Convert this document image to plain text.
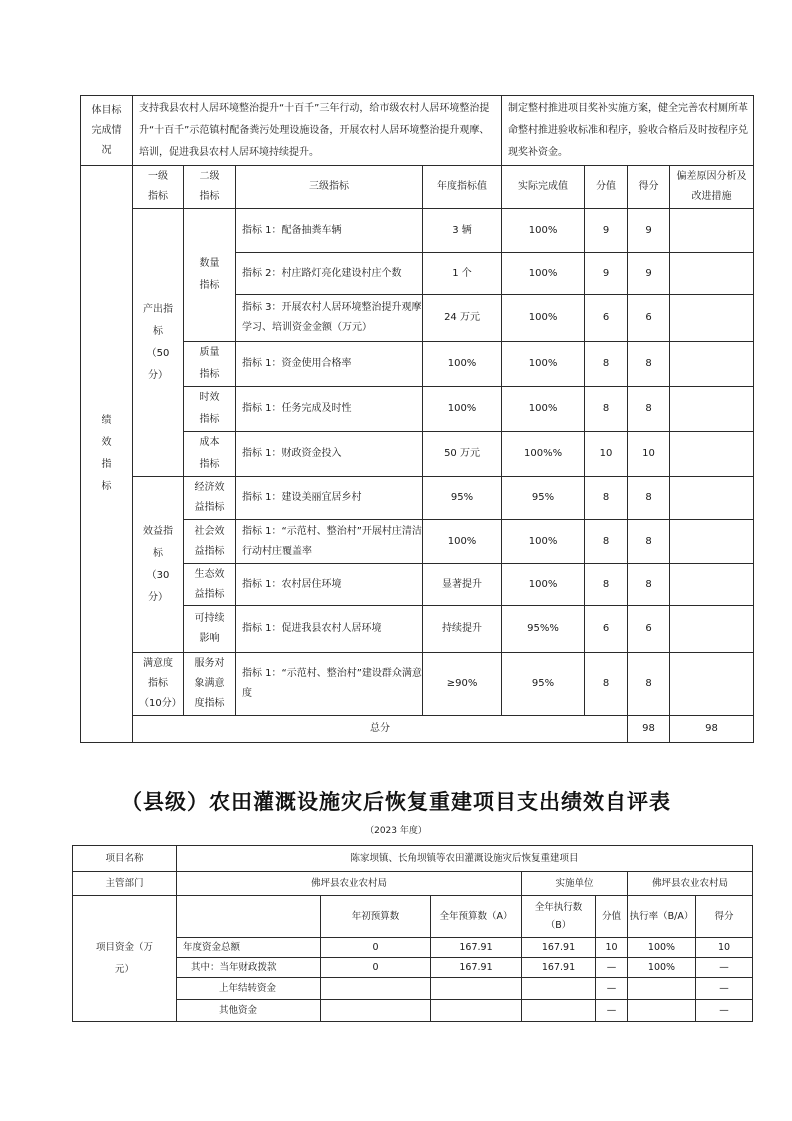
体目标完成情况	支持我县农村人居环境整治提升“十百千”三年行动，给市级农村人居环境整治提升“十百千”示范镇村配备粪污处理设施设备，开展农村人居环境整治提升观摩、培训，促进我县农村人居环境持续提升。				制定整村推进项目奖补实施方案，健全完善农村厕所革命整村推进验收标准和程序，验收合格后及时按程序兑现奖补资金。				
绩效指标	一级指标	二级指标	三级指标	年度指标值	实际完成值	分值	得分	偏差原因分析及改进措施	
	产出指标（50分）	数量指标	指标 1：配备抽粪车辆	3 辆	100%	9	9		
			指标 2：村庄路灯亮化建设村庄个数	1 个	100%	9	9		
			指标 3：开展农村人居环境整治提升观摩学习、培训资金金额（万元）	24 万元	100%	6	6		
		质量指标	指标 1：资金使用合格率	100%	100%	8	8		
		时效指标	指标 1：任务完成及时性	100%	100%	8	8		
		成本指标	指标 1：财政资金投入	50 万元	100%%	10	10		
	效益指标（30分）	经济效益指标	指标 1：建设美丽宜居乡村	95%	95%	8	8		
		社会效益指标	指标 1：“示范村、整治村”开展村庄清洁行动村庄覆盖率	100%	100%	8	8		
		生态效益指标	指标 1：农村居住环境	显著提升	100%	8	8		
		可持续影响	指标 1：促进我县农村人居环境	持续提升	95%%	6	6		
	满意度指标（10分）	服务对象满意度指标	指标 1：“示范村、整治村”建设群众满意度	≥90%	95%	8	8		
	总分						98	98	
（县级）农田灌溉设施灾后恢复重建项目支出绩效自评表
（2023 年度）
项目名称	陈家坝镇、长角坝镇等农田灌溉设施灾后恢复重建项目						
主管部门	佛坪县农业农村局			实施单位		佛坪县农业农村局	
项目资金（万元）		年初预算数	全年预算数（A）	全年执行数（B）	分值	执行率（B/A）	得分
	年度资金总额	0	167.91	167.91	10	100%	10
	其中：当年财政拨款	0	167.91	167.91	—	100%	—
	上年结转资金				—		—
	其他资金				—		—
